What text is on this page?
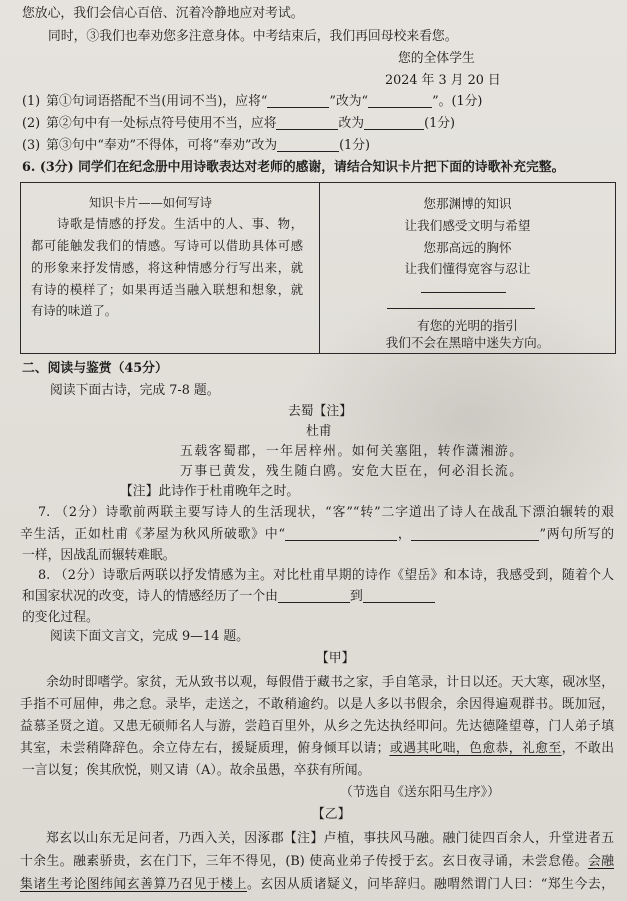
您放心，我们会信心百倍、沉着冷静地应对考试。
同时，③我们也奉劝您多注意身体。中考结束后，我们再回母校来看您。
您的全体学生
2024 年 3 月 20 日
(1) 第①句词语搭配不当(用词不当)，应将“	”改为“	”。(1分)
(2) 第②句中有一处标点符号使用不当，应将	改为	(1分)
(3) 第③句中“奉劝”不得体，可将“奉劝”改为	(1分)
6. (3分) 同学们在纪念册中用诗歌表达对老师的感谢，请结合知识卡片把下面的诗歌补充完整。
知识卡片——如何写诗
诗歌是情感的抒发。生活中的人、事、物，
都可能触发我们的情感。写诗可以借助具体可感
的形象来抒发情感，将这种情感分行写出来，就
有诗的模样了；如果再适当融入联想和想象，就
有诗的味道了。
您那渊博的知识
让我们感受文明与希望
您那高远的胸怀
让我们懂得宽容与忍让
有您的光明的指引
我们不会在黑暗中迷失方向。
二、阅读与鉴赏（45分）
阅读下面古诗，完成 7-8 题。
去蜀【注】
杜甫
五载客蜀郡，一年居梓州。如何关塞阻，转作潇湘游。
万事已黄发，残生随白鸥。安危大臣在，何必泪长流。
【注】此诗作于杜甫晚年之时。
7. （2分）诗歌前两联主要写诗人的生活现状，“客”“转”二字道出了诗人在战乱下漂泊辗转的艰
辛生活，正如杜甫《茅屋为秋风所破歌》中“	，	”两句所写的
一样，因战乱而辗转难眠。
8. （2分）诗歌后两联以抒发情感为主。对比杜甫早期的诗作《望岳》和本诗，我感受到，随着个人
和国家状况的改变，诗人的情感经历了一个由	到
的变化过程。
阅读下面文言文，完成 9—14 题。
【甲】
余幼时即嗜学。家贫，无从致书以观，每假借于藏书之家，手自笔录，计日以还。天大寒，砚冰坚，
手指不可屈伸，弗之怠。录毕，走送之，不敢稍逾约。以是人多以书假余，余因得遍观群书。既加冠，
益慕圣贤之道。又患无硕师名人与游，尝趋百里外，从乡之先达执经叩问。先达德隆望尊，门人弟子填
其室，未尝稍降辞色。余立侍左右，援疑质理，俯身倾耳以请；或遇其叱咄，色愈恭，礼愈至，不敢出
一言以复；俟其欣悦，则又请（A）。故余虽愚，卒获有所闻。
（节选自《送东阳马生序》）
【乙】
郑玄以山东无足问者，乃西入关，因涿郡【注】卢植，事扶风马融。融门徒四百余人，升堂进者五
十余生。融素骄贵，玄在门下，三年不得见，(B) 使高业弟子传授于玄。玄日夜寻诵，未尝怠倦。会融
集诸生考论图纬闻玄善算乃召见于楼上。玄因从质诸疑义，问毕辞归。融喟然谓门人曰：“郑生今去，
